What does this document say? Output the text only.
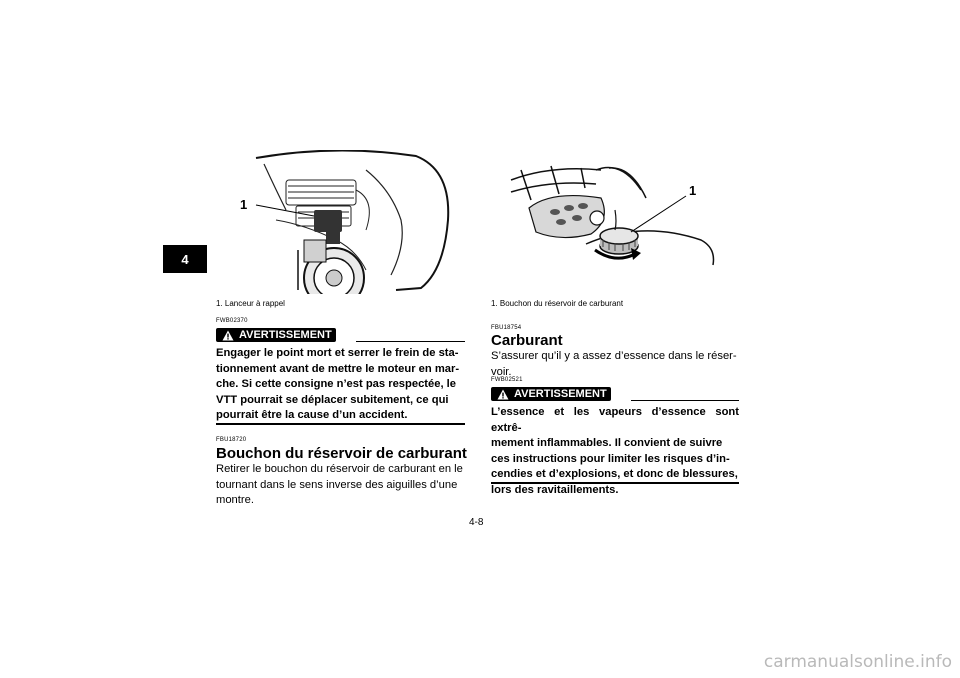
4
1
1. Lanceur à rappel
FWB02370
AVERTISSEMENT
Engager le point mort et serrer le frein de sta-
tionnement avant de mettre le moteur en mar-
che. Si cette consigne n’est pas respectée, le
VTT pourrait se déplacer subitement, ce qui
pourrait être la cause d’un accident.
FBU18720
Bouchon du réservoir de carburant
Retirer le bouchon du réservoir de carburant en le
tournant dans le sens inverse des aiguilles d’une
montre.
1
1. Bouchon du réservoir de carburant
FBU18754
Carburant
S’assurer qu’il y a assez d’essence dans le réser-
voir.
FWB02521
AVERTISSEMENT
L’essence et les vapeurs d’essence sont extrê-
mement inflammables. Il convient de suivre
ces instructions pour limiter les risques d’in-
cendies et d’explosions, et donc de blessures,
lors des ravitaillements.
4-8
carmanualsonline.info
